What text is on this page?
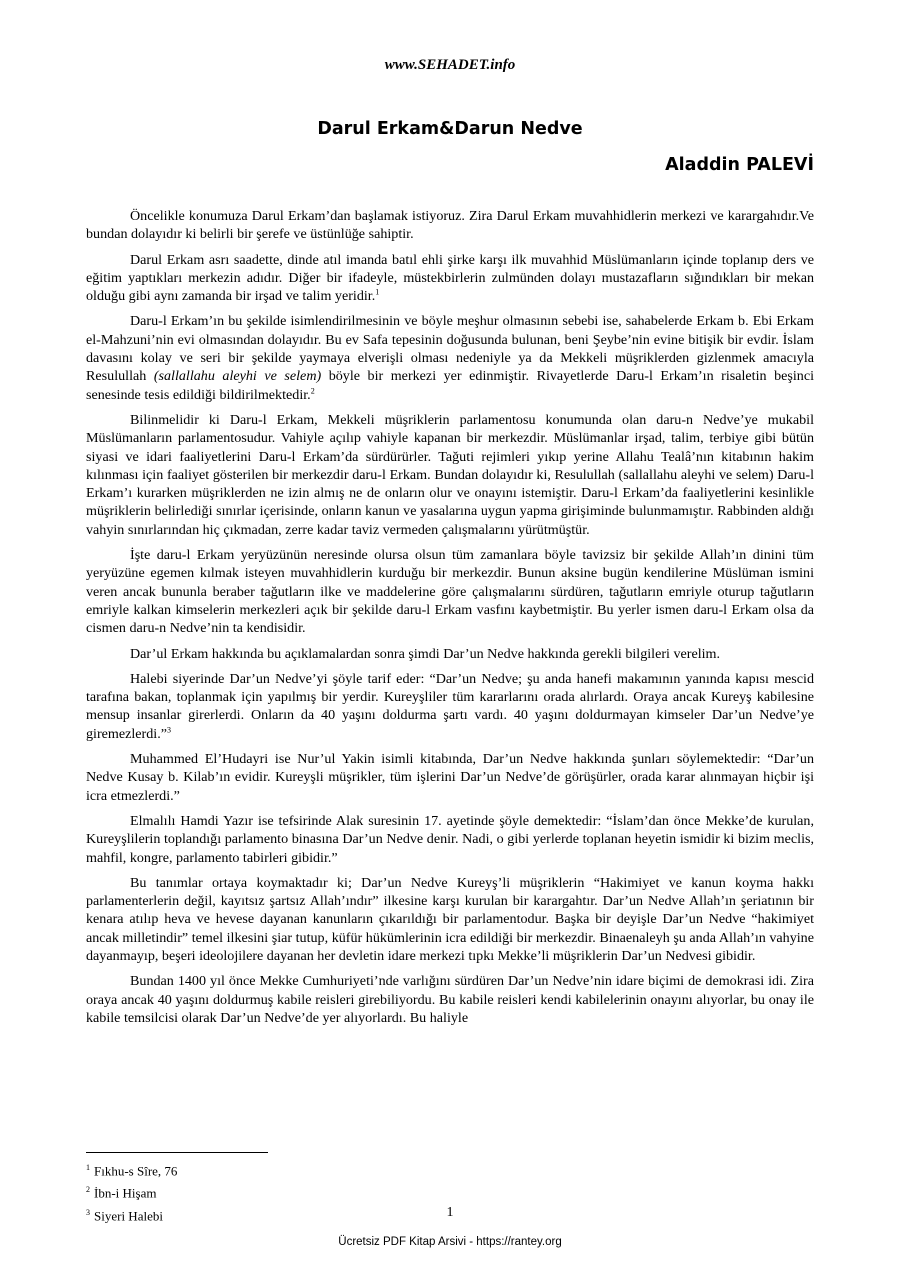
www.SEHADET.info
Darul Erkam&Darun Nedve
Aladdin PALEVİ

Öncelikle konumuza Darul Erkam’dan başlamak istiyoruz. Zira Darul Erkam muvahhidlerin merkezi ve karargahıdır.Ve bundan dolayıdır ki belirli bir şerefe ve üstünlüğe sahiptir.

Darul Erkam asrı saadette, dinde atıl imanda batıl ehli şirke karşı ilk muvahhid Müslümanların içinde toplanıp ders ve eğitim yaptıkları merkezin adıdır. Diğer bir ifadeyle, müstekbirlerin zulmünden dolayı mustazafların sığındıkları bir mekan olduğu gibi aynı zamanda bir irşad ve talim yeridir.$^1$

Daru-l Erkam’ın bu şekilde isimlendirilmesinin ve böyle meşhur olmasının sebebi ise, sahabelerde Erkam b. Ebi Erkam el-Mahzuni’nin evi olmasından dolayıdır. Bu ev Safa tepesinin doğusunda bulunan, beni Şeybe’nin evine bitişik bir evdir. İslam davasını kolay ve seri bir şekilde yaymaya elverişli olması nedeniyle ya da Mekkeli müşriklerden gizlenmek amacıyla Resulullah (sallallahu aleyhi ve selem) böyle bir merkezi yer edinmiştir. Rivayetlerde Daru-l Erkam’ın risaletin beşinci senesinde tesis edildiği bildirilmektedir.$^2$

Bilinmelidir ki Daru-l Erkam, Mekkeli müşriklerin parlamentosu konumunda olan daru-n Nedve’ye mukabil Müslümanların parlamentosudur. Vahiyle açılıp vahiyle kapanan bir merkezdir. Müslümanlar irşad, talim, terbiye gibi bütün siyasi ve idari faaliyetlerini Daru-l Erkam’da sürdürürler. Tağuti rejimleri yıkıp yerine Allahu Tealâ’nın kitabının hakim kılınması için faaliyet gösterilen bir merkezdir daru-l Erkam. Bundan dolayıdır ki, Resulullah (sallallahu aleyhi ve selem) Daru-l Erkam’ı kurarken müşriklerden ne izin almış ne de onların olur ve onayını istemiştir. Daru-l Erkam’da faaliyetlerini kesinlikle müşriklerin belirlediği sınırlar içerisinde, onların kanun ve yasalarına uygun yapma girişiminde bulunmamıştır. Rabbinden aldığı vahyin sınırlarından hiç çıkmadan, zerre kadar taviz vermeden çalışmalarını yürütmüştür.

İşte daru-l Erkam yeryüzünün neresinde olursa olsun tüm zamanlara böyle tavizsiz bir şekilde Allah’ın dinini tüm yeryüzüne egemen kılmak isteyen muvahhidlerin kurduğu bir merkezdir. Bunun aksine bugün kendilerine Müslüman ismini veren ancak bununla beraber tağutların ilke ve maddelerine göre çalışmalarını sürdüren, tağutların emriyle oturup tağutların emriyle kalkan kimselerin merkezleri açık bir şekilde daru-l Erkam vasfını kaybetmiştir. Bu yerler ismen daru-l Erkam olsa da cismen daru-n Nedve’nin ta kendisidir.

Dar’ul Erkam hakkında bu açıklamalardan sonra şimdi Dar’un Nedve hakkında gerekli bilgileri verelim.

Halebi siyerinde Dar’un Nedve’yi şöyle tarif eder: “Dar’un Nedve; şu anda hanefi makamının yanında kapısı mescid tarafına bakan, toplanmak için yapılmış bir yerdir. Kureyşliler tüm kararlarını orada alırlardı. Oraya ancak Kureyş kabilesine mensup insanlar girerlerdi. Onların da 40 yaşını doldurma şartı vardı. 40 yaşını doldurmayan kimseler Dar’un Nedve’ye giremezlerdi.”$^3$

Muhammed El’Hudayri ise Nur’ul Yakin isimli kitabında, Dar’un Nedve hakkında şunları söylemektedir: “Dar’un Nedve Kusay b. Kilab’ın evidir. Kureyşli müşrikler, tüm işlerini Dar’un Nedve’de görüşürler, orada karar alınmayan hiçbir işi icra etmezlerdi.”

Elmalılı Hamdi Yazır ise tefsirinde Alak suresinin 17. ayetinde şöyle demektedir: “İslam’dan önce Mekke’de kurulan, Kureyşlilerin toplandığı parlamento binasına Dar’un Nedve denir. Nadi, o gibi yerlerde toplanan heyetin ismidir ki bizim meclis, mahfil, kongre, parlamento tabirleri gibidir.”

Bu tanımlar ortaya koymaktadır ki; Dar’un Nedve Kureyş’li müşriklerin “Hakimiyet ve kanun koyma hakkı parlamenterlerin değil, kayıtsız şartsız Allah’ındır” ilkesine karşı kurulan bir karargahtır. Dar’un Nedve Allah’ın şeriatının bir kenara atılıp heva ve hevese dayanan kanunların çıkarıldığı bir parlamentodur. Başka bir deyişle Dar’un Nedve “hakimiyet ancak milletindir” temel ilkesini şiar tutup, küfür hükümlerinin icra edildiği bir merkezdir. Binaenaleyh şu anda Allah’ın vahyine dayanmayıp, beşeri ideolojilere dayanan her devletin idare merkezi tıpkı Mekke’li müşriklerin Dar’un Nedvesi gibidir.

Bundan 1400 yıl önce Mekke Cumhuriyeti’nde varlığını sürdüren Dar’un Nedve’nin idare biçimi de demokrasi idi. Zira oraya ancak 40 yaşını doldurmuş kabile reisleri girebiliyordu. Bu kabile reisleri kendi kabilelerinin onayını alıyorlar, bu onay ile kabile temsilcisi olarak Dar’un Nedve’de yer alıyorlardı. Bu haliyle

$^1$ Fıkhu-s Sîre, 76
$^2$ İbn-i Hişam
$^3$ Siyeri Halebi	1
Ücretsiz PDF Kitap Arsivi - https://rantey.org
